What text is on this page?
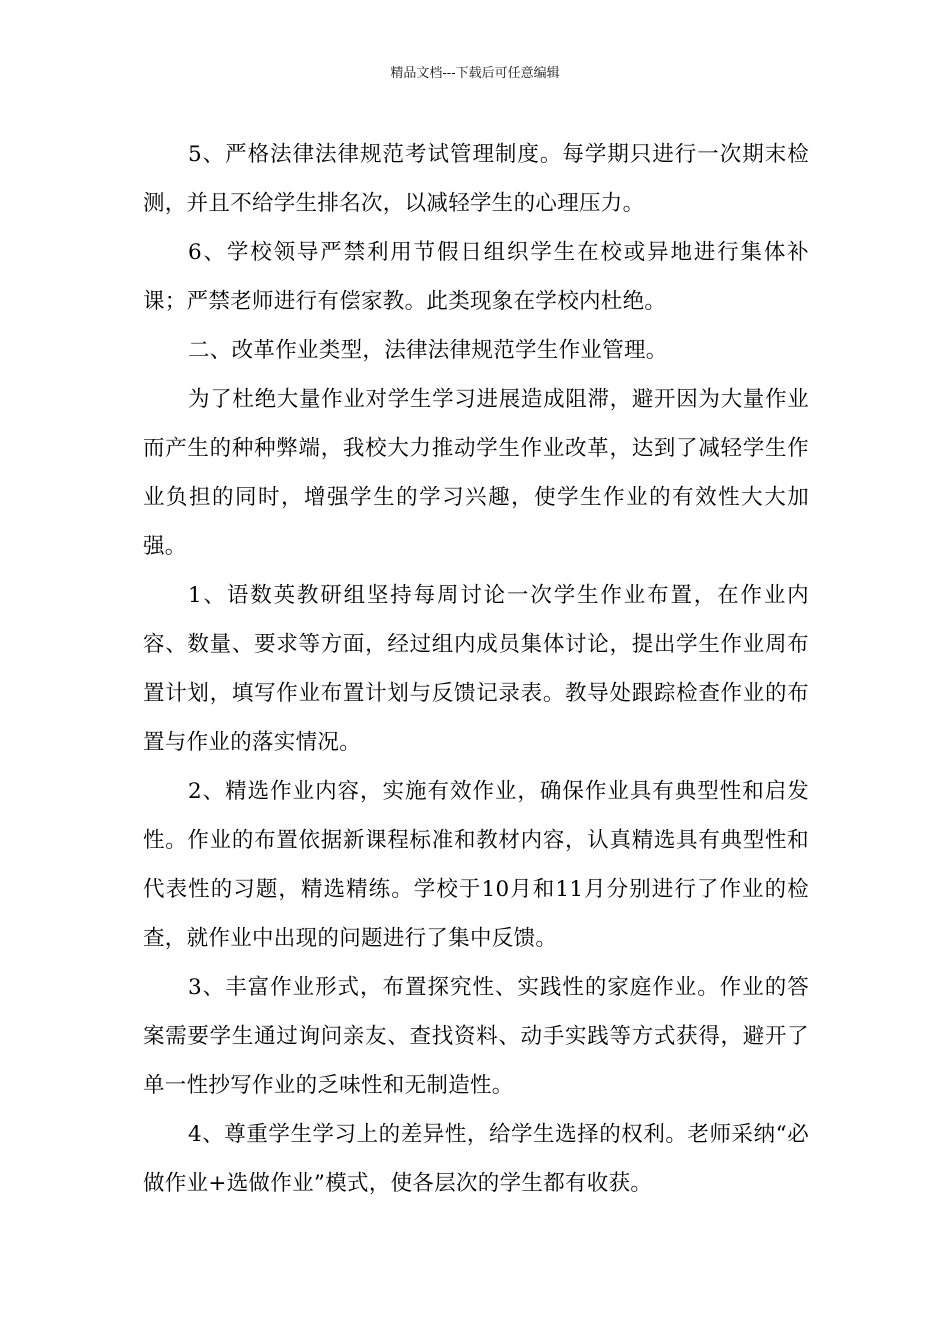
精品文档---下载后可任意编辑

5、严格法律法律规范考试管理制度。每学期只进行一次期末检测，并且不给学生排名次，以减轻学生的心理压力。

6、学校领导严禁利用节假日组织学生在校或异地进行集体补课；严禁老师进行有偿家教。此类现象在学校内杜绝。

二、改革作业类型，法律法律规范学生作业管理。

为了杜绝大量作业对学生学习进展造成阻滞，避开因为大量作业而产生的种种弊端，我校大力推动学生作业改革，达到了减轻学生作业负担的同时，增强学生的学习兴趣，使学生作业的有效性大大加强。

1、语数英教研组坚持每周讨论一次学生作业布置，在作业内容、数量、要求等方面，经过组内成员集体讨论，提出学生作业周布置计划，填写作业布置计划与反馈记录表。教导处跟踪检查作业的布置与作业的落实情况。

2、精选作业内容，实施有效作业，确保作业具有典型性和启发性。作业的布置依据新课程标准和教材内容，认真精选具有典型性和代表性的习题，精选精练。学校于10月和11月分别进行了作业的检查，就作业中出现的问题进行了集中反馈。

3、丰富作业形式，布置探究性、实践性的家庭作业。作业的答案需要学生通过询问亲友、查找资料、动手实践等方式获得，避开了单一性抄写作业的乏味性和无制造性。

4、尊重学生学习上的差异性，给学生选择的权利。老师采纳“必做作业+选做作业”模式，使各层次的学生都有收获。
